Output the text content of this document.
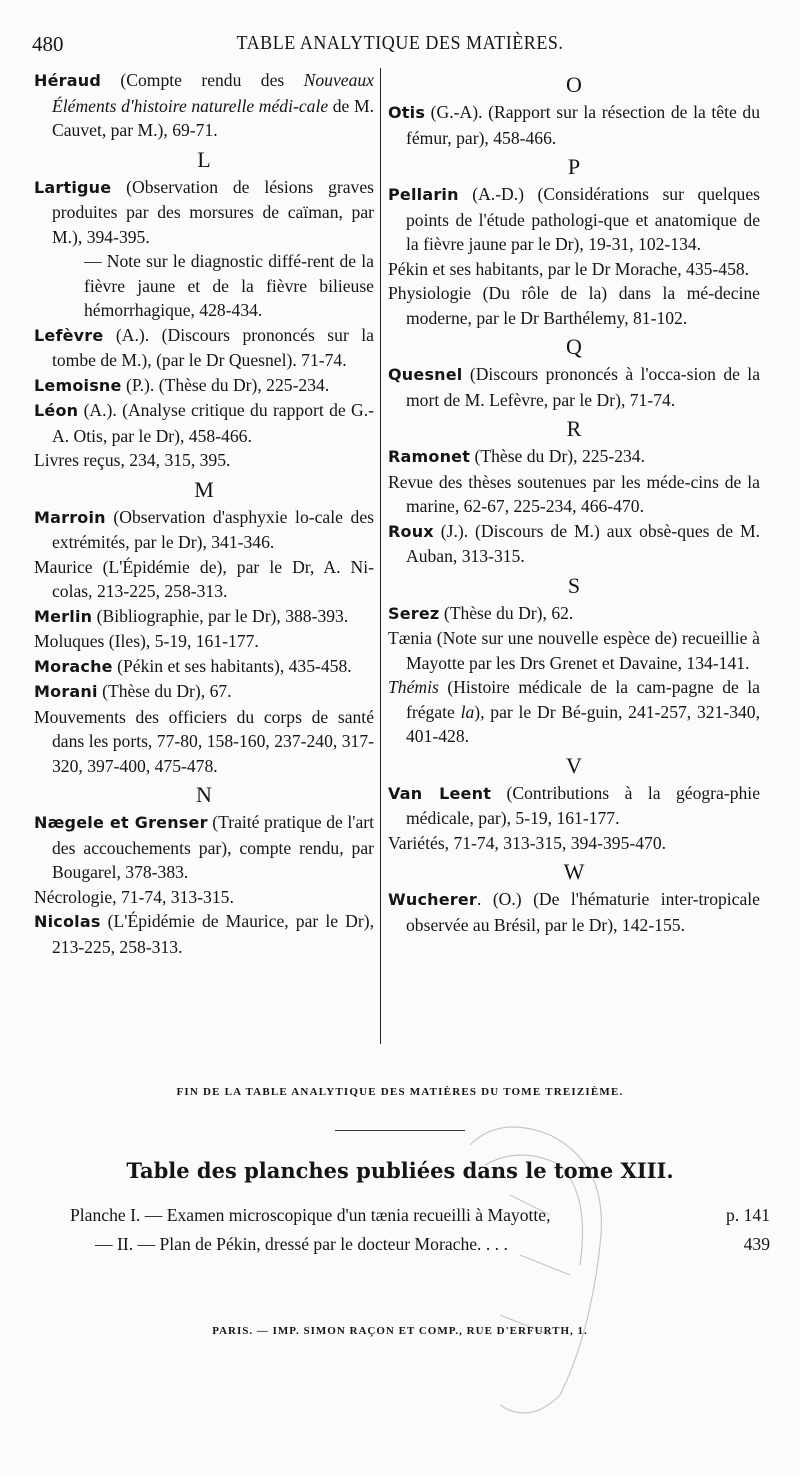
480	TABLE ANALYTIQUE DES MATIÈRES.

Héraud (Compte rendu des Nouveaux Éléments d'histoire naturelle médi-cale de M. Cauvet, par M.), 69-71.

L

Lartigue (Observation de lésions graves produites par des morsures de caïman, par M.), 394-395.

— Note sur le diagnostic diffé-rent de la fièvre jaune et de la fièvre bilieuse hémorrhagique, 428-434.

Lefèvre (A.). (Discours prononcés sur la tombe de M.), (par le Dr Quesnel). 71-74.

Lemoisne (P.). (Thèse du Dr), 225-234.

Léon (A.). (Analyse critique du rapport de G.-A. Otis, par le Dr), 458-466.

Livres reçus, 234, 315, 395.

M

Marroin (Observation d'asphyxie lo-cale des extrémités, par le Dr), 341-346.

Maurice (L'Épidémie de), par le Dr, A. Ni-colas, 213-225, 258-313.

Merlin (Bibliographie, par le Dr), 388-393.

Moluques (Iles), 5-19, 161-177.

Morache (Pékin et ses habitants), 435-458.

Morani (Thèse du Dr), 67.

Mouvements des officiers du corps de santé dans les ports, 77-80, 158-160, 237-240, 317-320, 397-400, 475-478.

N

Nægele et Grenser (Traité pratique de l'art des accouchements par), compte rendu, par Bougarel, 378-383.

Nécrologie, 71-74, 313-315.

Nicolas (L'Épidémie de Maurice, par le Dr), 213-225, 258-313.

O

Otis (G.-A). (Rapport sur la résection de la tête du fémur, par), 458-466.

P

Pellarin (A.-D.) (Considérations sur quelques points de l'étude pathologi-que et anatomique de la fièvre jaune par le Dr), 19-31, 102-134.

Pékin et ses habitants, par le Dr Morache, 435-458.

Physiologie (Du rôle de la) dans la mé-decine moderne, par le Dr Barthélemy, 81-102.

Q

Quesnel (Discours prononcés à l'occa-sion de la mort de M. Lefèvre, par le Dr), 71-74.

R

Ramonet (Thèse du Dr), 225-234.

Revue des thèses soutenues par les méde-cins de la marine, 62-67, 225-234, 466-470.

Roux (J.). (Discours de M.) aux obsè-ques de M. Auban, 313-315.

S

Serez (Thèse du Dr), 62.

Tænia (Note sur une nouvelle espèce de) recueillie à Mayotte par les Drs Grenet et Davaine, 134-141.

Thémis (Histoire médicale de la cam-pagne de la frégate la), par le Dr Bé-guin, 241-257, 321-340, 401-428.

V

Van Leent (Contributions à la géogra-phie médicale, par), 5-19, 161-177.

Variétés, 71-74, 313-315, 394-395-470.

W

Wucherer. (O.) (De l'hématurie inter-tropicale observée au Brésil, par le Dr), 142-155.

FIN DE LA TABLE ANALYTIQUE DES MATIÈRES DU TOME TREIZIÈME.
Table des planches publiées dans le tome XIII.
Planche I. — Examen microscopique d'un tænia recueilli à Mayotte,	p. 141
— II. — Plan de Pékin, dressé par le docteur Morache. . . .	439
PARIS. — IMP. SIMON RAÇON ET COMP., RUE D'ERFURTH, 1.
